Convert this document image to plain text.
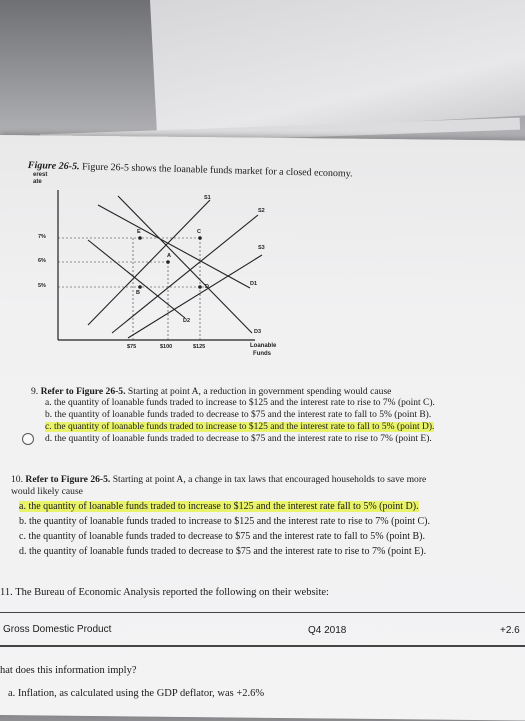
Figure 26-5. Figure 26-5 shows the loanable funds market for a closed economy.
erest
ate
7%
6%
5%
$75	$100	$125	Loanable
Funds
E	C
A
B
D
S1
S2
S3
D1
D2
D3
9. Refer to Figure 26-5. Starting at point A, a reduction in government spending would cause
a. the quantity of loanable funds traded to increase to $125 and the interest rate to rise to 7% (point C).
b. the quantity of loanable funds traded to decrease to $75 and the interest rate to fall to 5% (point B).
c. the quantity of loanable funds traded to increase to $125 and the interest rate to fall to 5% (point D).
d. the quantity of loanable funds traded to decrease to $75 and the interest rate to rise to 7% (point E).
10. Refer to Figure 26-5. Starting at point A, a change in tax laws that encouraged households to save more
would likely cause
a. the quantity of loanable funds traded to increase to $125 and the interest rate fall to 5% (point D).
b. the quantity of loanable funds traded to increase to $125 and the interest rate to rise to 7% (point C).
c. the quantity of loanable funds traded to decrease to $75 and the interest rate to fall to 5% (point B).
d. the quantity of loanable funds traded to decrease to $75 and the interest rate to rise to 7% (point E).
11. The Bureau of Economic Analysis reported the following on their website:
Gross Domestic Product	Q4 2018	+2.6
hat does this information imply?
a. Inflation, as calculated using the GDP deflator, was +2.6%
